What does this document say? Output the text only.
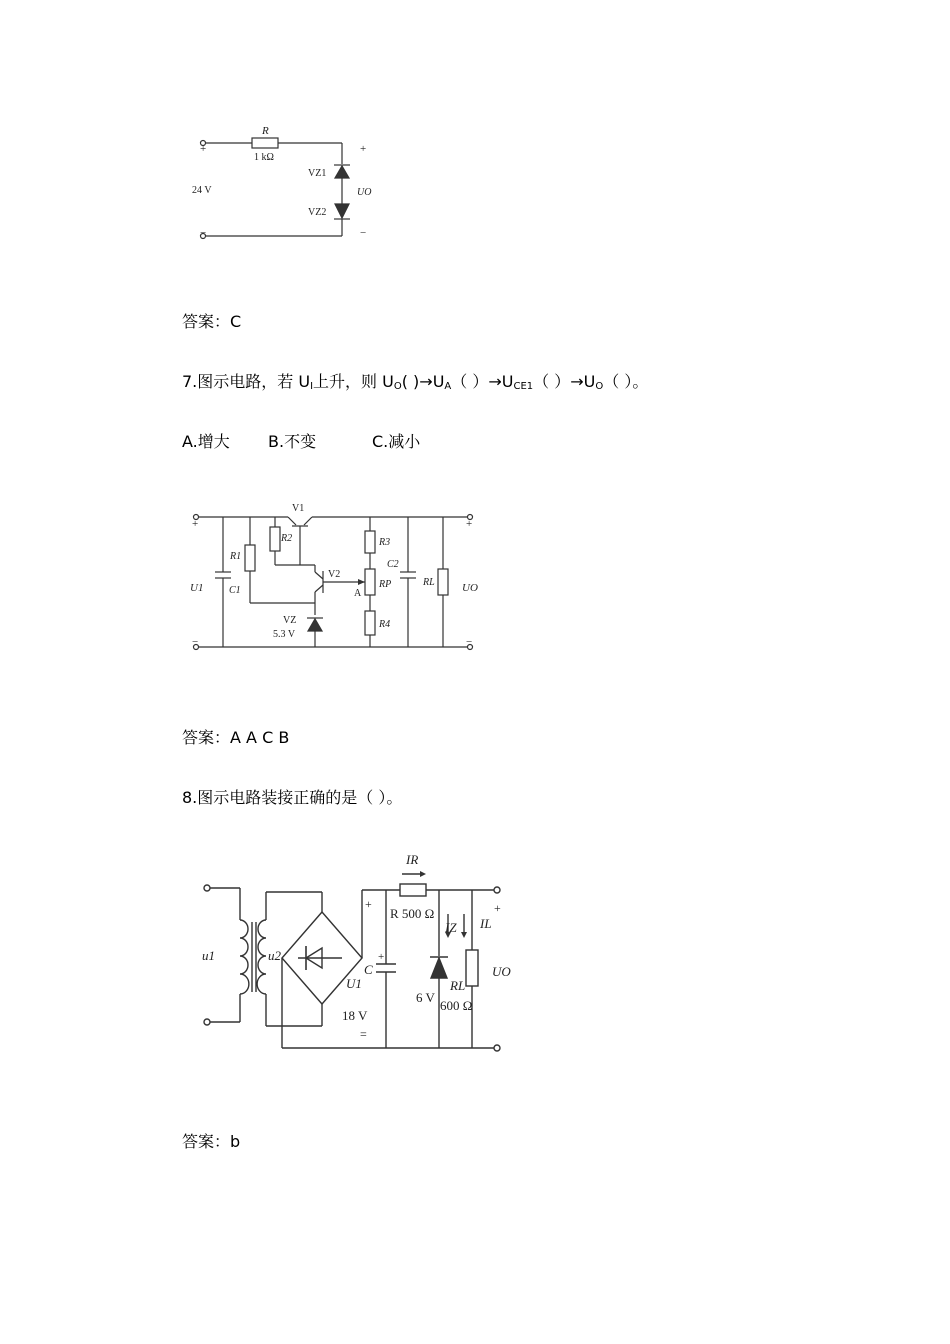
+
−
+
−
R
1 kΩ
24 V
VZ1
VZ2
UO
答案：C
7.图示电路，若 $U_I$上升，则 $U_O$( )$\to U_A$（ ）$\to U_{CE1}$（ ）$\to U_O$（ ）。
A.增大 B.不变	C.减小
+
−
+
−
V1
V2
R1
R2	R3
RP
A
R4
C1
C2
RL
U1	UO
VZ
5.3 V
答案：A A C B
8.图示电路装接正确的是（ ）。
+
=
+
+
u1	u2
IR
R 500 Ω
IZ IL
C
U1
18 V
6 V
RL
600 Ω
UO
答案：b
